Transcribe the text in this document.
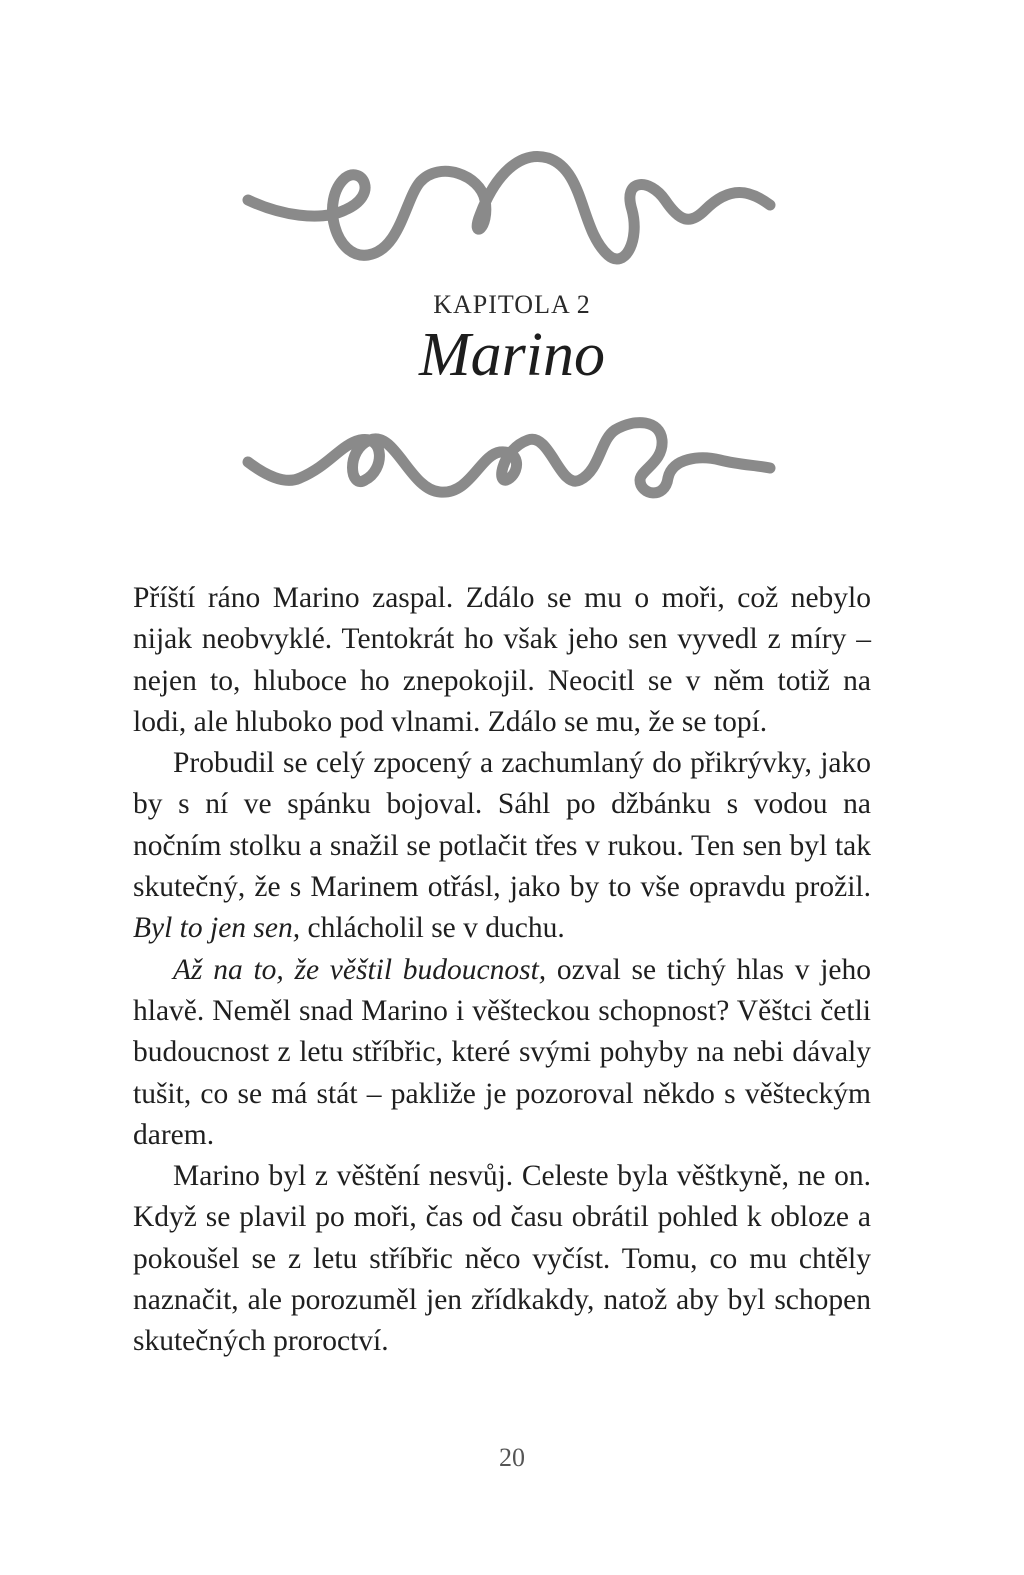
KAPITOLA 2
Marino

Příští ráno Marino zaspal. Zdálo se mu o moři, což nebylo nijak neobvyklé. Tentokrát ho však jeho sen vyvedl z míry – nejen to, hluboce ho znepokojil. Neocitl se v něm totiž na lodi, ale hluboko pod vlnami. Zdálo se mu, že se topí.

Probudil se celý zpocený a zachumlaný do přikrývky, jako by s ní ve spánku bojoval. Sáhl po džbánku s vodou na nočním stolku a snažil se potlačit třes v rukou. Ten sen byl tak skutečný, že s Marinem otřásl, jako by to vše opravdu prožil. Byl to jen sen, chlácholil se v duchu.

Až na to, že věštil budoucnost, ozval se tichý hlas v jeho hlavě. Neměl snad Marino i věšteckou schopnost? Věštci četli budoucnost z letu stříbřic, které svými pohyby na nebi dávaly tušit, co se má stát – pakliže je pozoroval někdo s věšteckým darem.

Marino byl z věštění nesvůj. Celeste byla věštkyně, ne on. Když se plavil po moři, čas od času obrátil pohled k obloze a pokoušel se z letu stříbřic něco vyčíst. Tomu, co mu chtěly naznačit, ale porozuměl jen zřídkakdy, natož aby byl schopen skutečných proroctví.

20
